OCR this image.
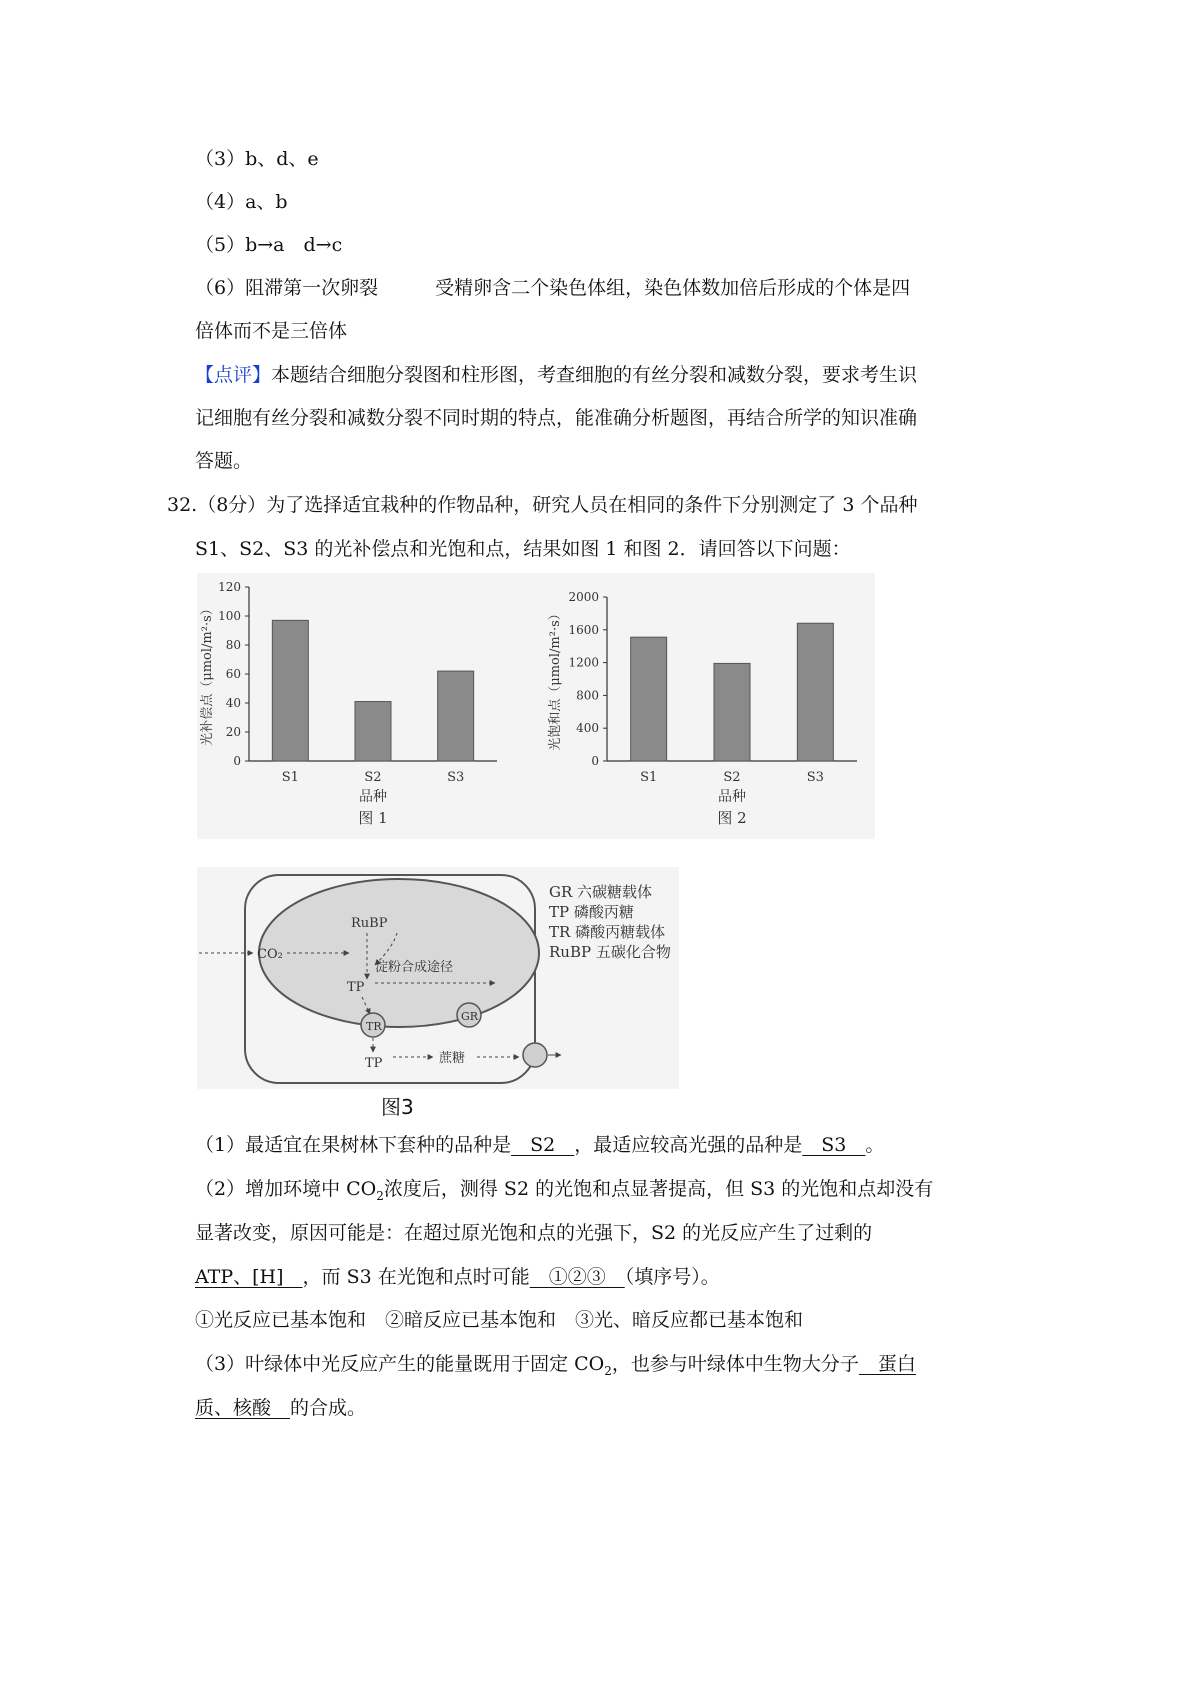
（3）b、d、e
（4）a、b
（5）b→a　d→c
（6）阻滞第一次卵裂　　　受精卵含二个染色体组，染色体数加倍后形成的个体是四
倍体而不是三倍体
【点评】本题结合细胞分裂图和柱形图，考查细胞的有丝分裂和减数分裂，要求考生识
记细胞有丝分裂和减数分裂不同时期的特点，能准确分析题图，再结合所学的知识准确
答题。
32.（8分）为了选择适宜栽种的作物品种，研究人员在相同的条件下分别测定了 3 个品种
S1、S2、S3 的光补偿点和光饱和点，结果如图 1 和图 2．请回答以下问题：
0
20
40
60
80
100
120
S1	S2	S3
品种
图 1
光补偿点（μmol/m²·s）
0
400
800
1200
1600
2000
S1	S2	S3
品种
图 2
光饱和点（μmol/m²·s）
CO₂
RuBP
淀粉合成途径
TP
TR
GR
TP	蔗糖
GR 六碳糖载体
TP 磷酸丙糖
TR 磷酸丙糖载体
RuBP 五碳化合物
图3
（1）最适宜在果树林下套种的品种是　S2　，最适应较高光强的品种是　S3　。
（2）增加环境中 $CO_2$浓度后，测得 S2 的光饱和点显著提高，但 S3 的光饱和点却没有
显著改变，原因可能是：在超过原光饱和点的光强下，S2 的光反应产生了过剩的
ATP、[H]　，而 S3 在光饱和点时可能　①②③　（填序号）。
①光反应已基本饱和　②暗反应已基本饱和　③光、暗反应都已基本饱和
（3）叶绿体中光反应产生的能量既用于固定 $CO_2$，也参与叶绿体中生物大分子　蛋白
质、核酸　的合成。
